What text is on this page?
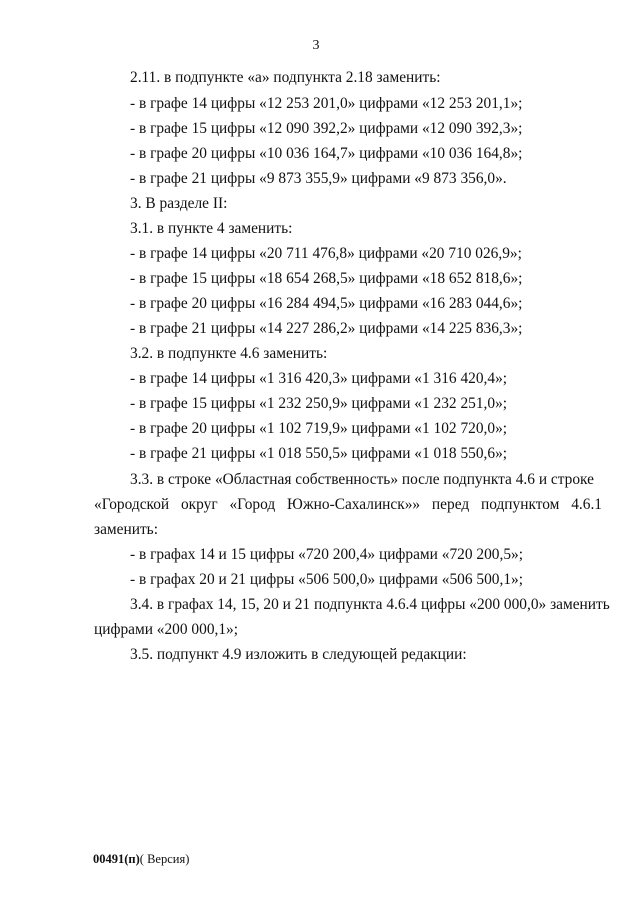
3
2.11. в подпункте «а» подпункта 2.18 заменить:
- в графе 14 цифры «12 253 201,0» цифрами «12 253 201,1»;
- в графе 15 цифры «12 090 392,2» цифрами «12 090 392,3»;
- в графе 20 цифры «10 036 164,7» цифрами «10 036 164,8»;
- в графе 21 цифры «9 873 355,9» цифрами «9 873 356,0».
3. В разделе II:
3.1. в пункте 4 заменить:
- в графе 14 цифры «20 711 476,8» цифрами «20 710 026,9»;
- в графе 15 цифры «18 654 268,5» цифрами «18 652 818,6»;
- в графе 20 цифры «16 284 494,5» цифрами «16 283 044,6»;
- в графе 21 цифры «14 227 286,2» цифрами «14 225 836,3»;
3.2. в подпункте 4.6 заменить:
- в графе 14 цифры «1 316 420,3» цифрами «1 316 420,4»;
- в графе 15 цифры «1 232 250,9» цифрами «1 232 251,0»;
- в графе 20 цифры «1 102 719,9» цифрами «1 102 720,0»;
- в графе 21 цифры «1 018 550,5» цифрами «1 018 550,6»;
3.3. в строке «Областная собственность» после подпункта 4.6 и строке
«Городской округ «Город Южно-Сахалинск»» перед подпунктом 4.6.1
заменить:
- в графах 14 и 15 цифры «720 200,4» цифрами «720 200,5»;
- в графах 20 и 21 цифры «506 500,0» цифрами «506 500,1»;
3.4. в графах 14, 15, 20 и 21 подпункта 4.6.4 цифры «200 000,0» заменить
цифрами «200 000,1»;
3.5. подпункт 4.9 изложить в следующей редакции:
00491(п)( Версия)
